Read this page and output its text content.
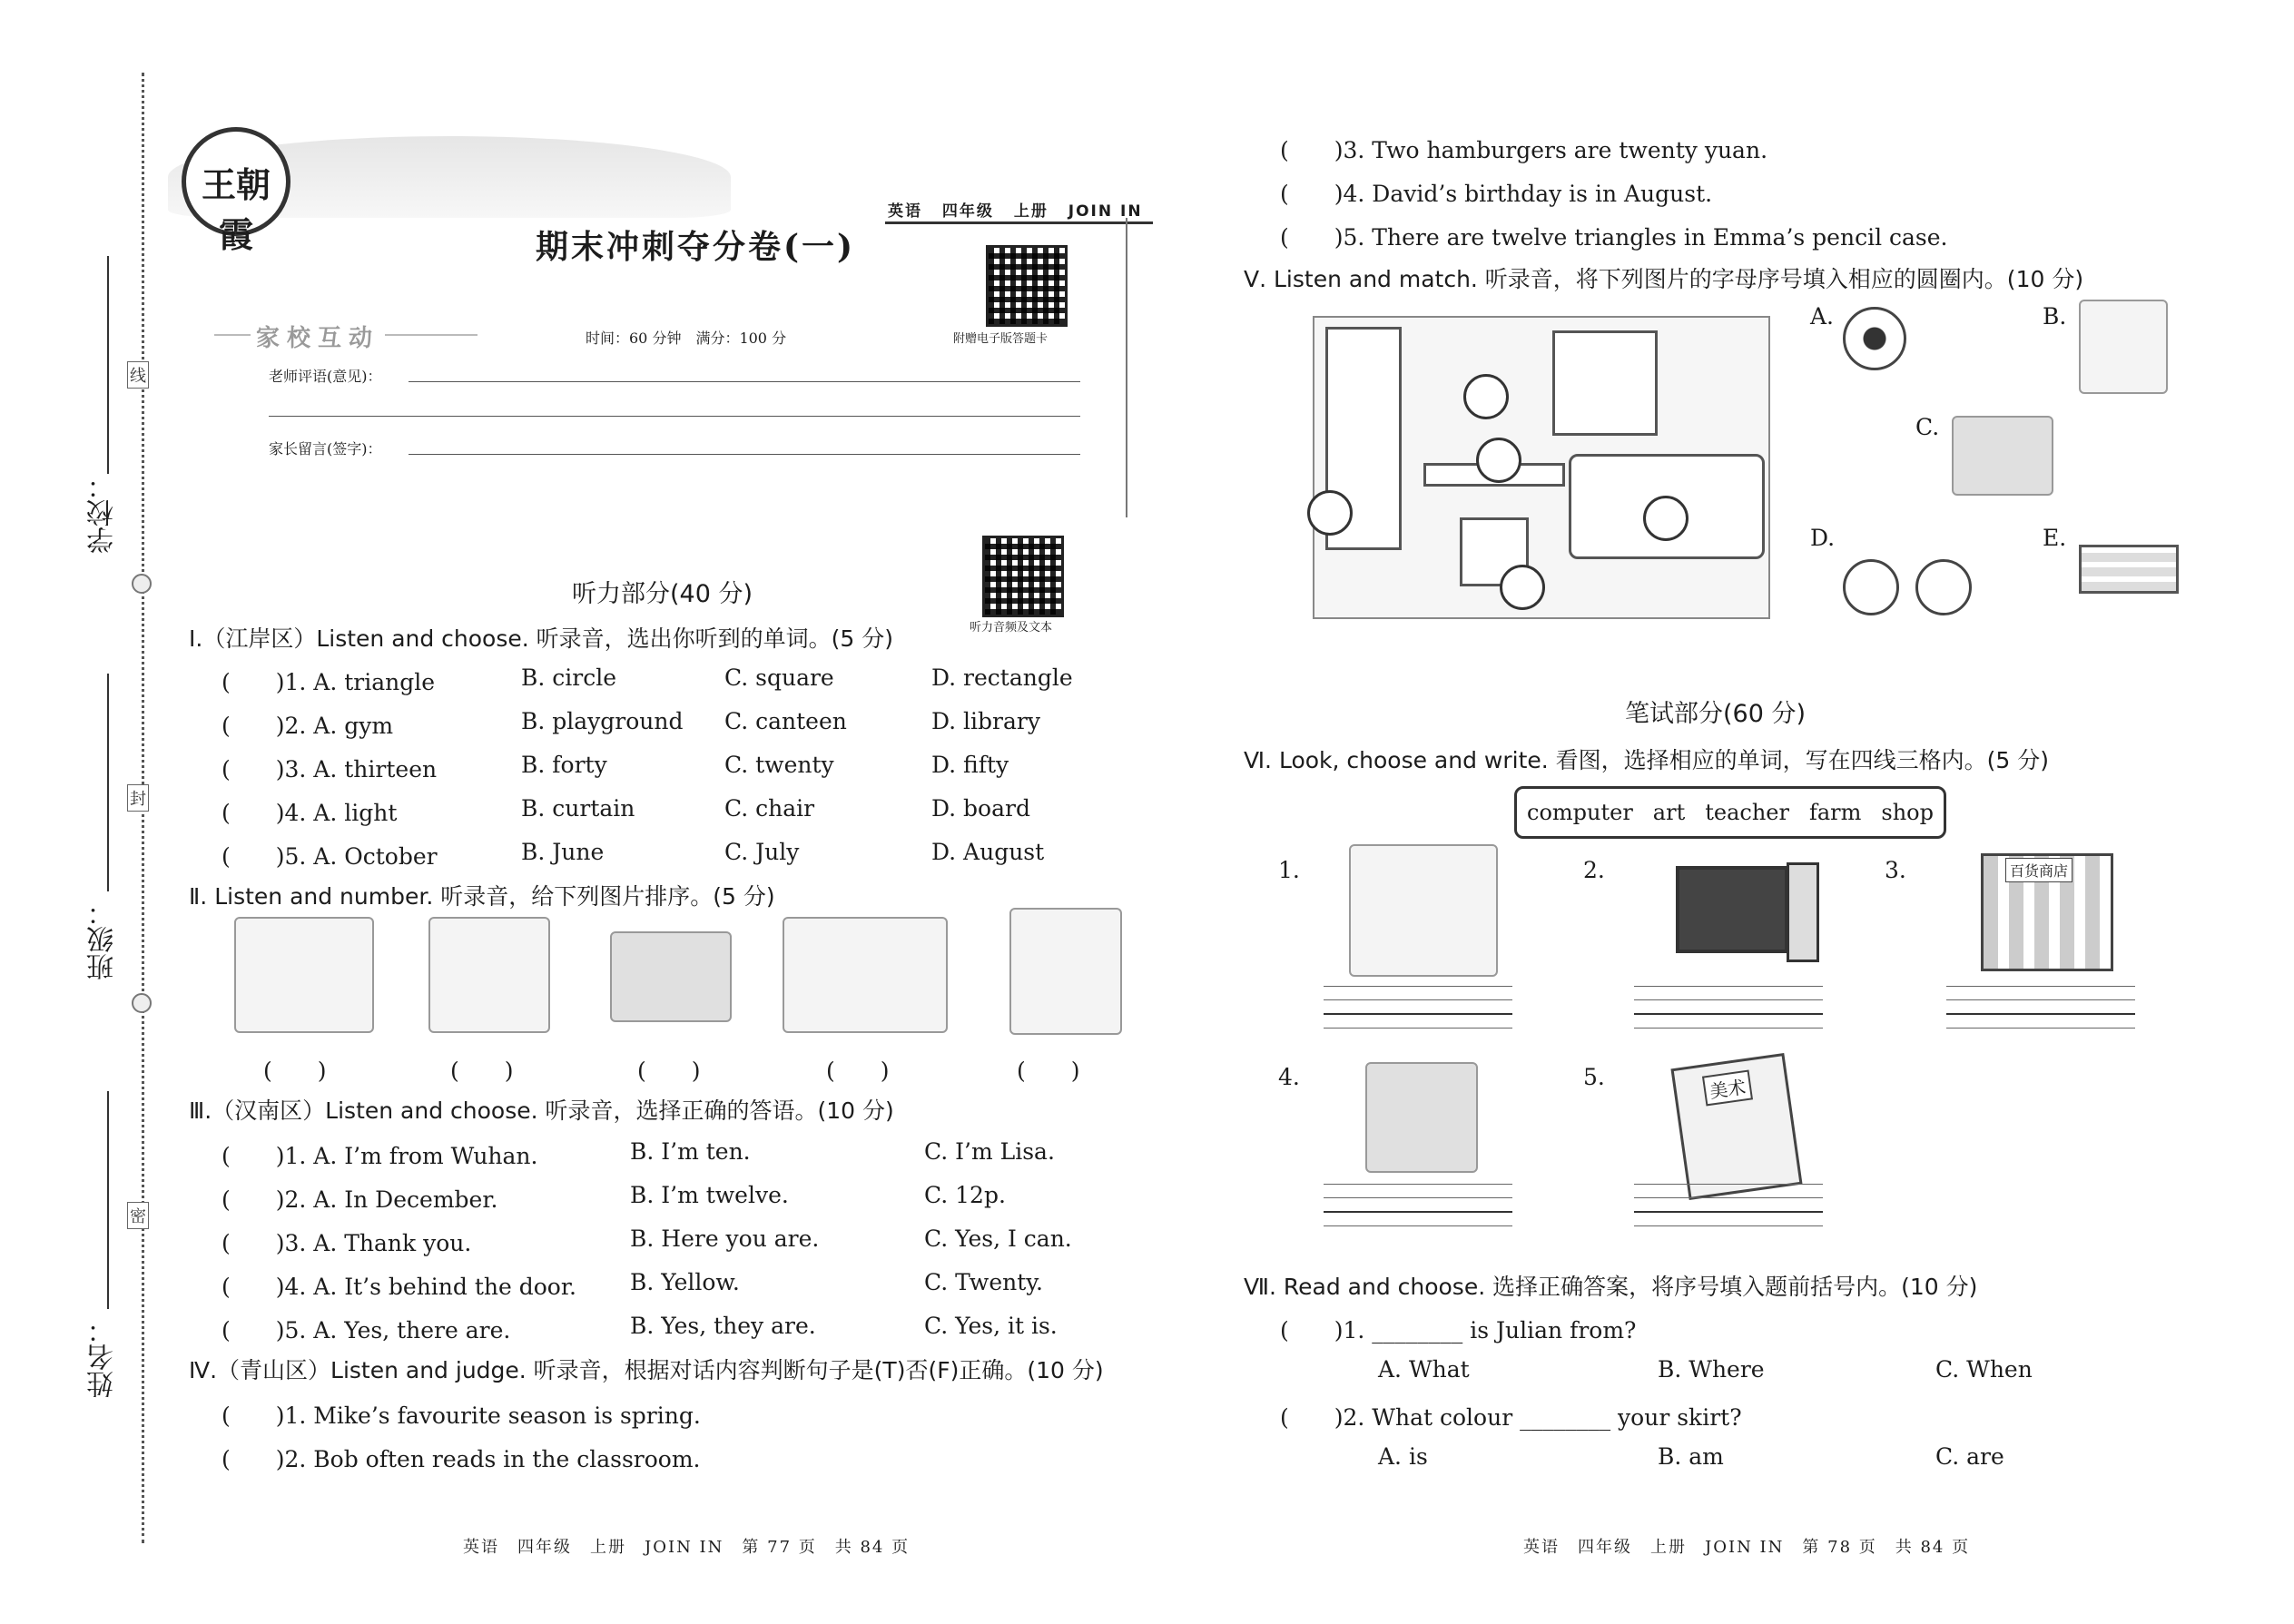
学校：
班级：
姓名：
线
封
密
王朝霞
英语 四年级 上册 JOIN IN
期末冲刺夺分卷(一)
附赠电子版答题卡
家校互动	时间：60 分钟　满分：100 分
老师评语(意见)：
家长留言(签字)：
听力音频及文本
听力部分(40 分)
Ⅰ.（江岸区）Listen and choose. 听录音，选出你听到的单词。(5 分)
(　　)1. A. triangle	B. circle	C. square	D. rectangle
(　　)2. A. gym	B. playground C. canteen	D. library
(　　)3. A. thirteen	B. forty	C. twenty	D. fifty
(　　)4. A. light	B. curtain	C. chair	D. board
(　　)5. A. October	B. June	C. July	D. August
Ⅱ. Listen and number. 听录音，给下列图片排序。(5 分)
(　　)	(　　)	(　　)	(　　)	(　　)
Ⅲ.（汉南区）Listen and choose. 听录音，选择正确的答语。(10 分)
(　　)1. A. I’m from Wuhan.	B. I’m ten.	C. I’m Lisa.
(　　)2. A. In December.	B. I’m twelve.	C. 12p.
(　　)3. A. Thank you.	B. Here you are.	C. Yes, I can.
(　　)4. A. It’s behind the door. B. Yellow.	C. Twenty.
(　　)5. A. Yes, there are.	B. Yes, they are.	C. Yes, it is.
Ⅳ.（青山区）Listen and judge. 听录音，根据对话内容判断句子是(T)否(F)正确。(10 分)
(　　)1. Mike’s favourite season is spring.
(　　)2. Bob often reads in the classroom.
英语　四年级　上册　JOIN IN　第 77 页　共 84 页
(　　)3. Two hamburgers are twenty yuan.
(　　)4. David’s birthday is in August.
(　　)5. There are twelve triangles in Emma’s pencil case.
Ⅴ. Listen and match. 听录音，将下列图片的字母序号填入相应的圆圈内。(10 分)
A.	B.
C.
D.	E.
笔试部分(60 分)
Ⅵ. Look, choose and write. 看图，选择相应的单词，写在四线三格内。(5 分)
computer art teacher farm shop
1.	2.	3.	百货商店
4.	5.	美术
Ⅶ. Read and choose. 选择正确答案，将序号填入题前括号内。(10 分)
(　　)1. ________ is Julian from?
A. What	B. Where	C. When
(　　)2. What colour ________ your skirt?
A. is	B. am	C. are
英语　四年级　上册　JOIN IN　第 78 页　共 84 页
